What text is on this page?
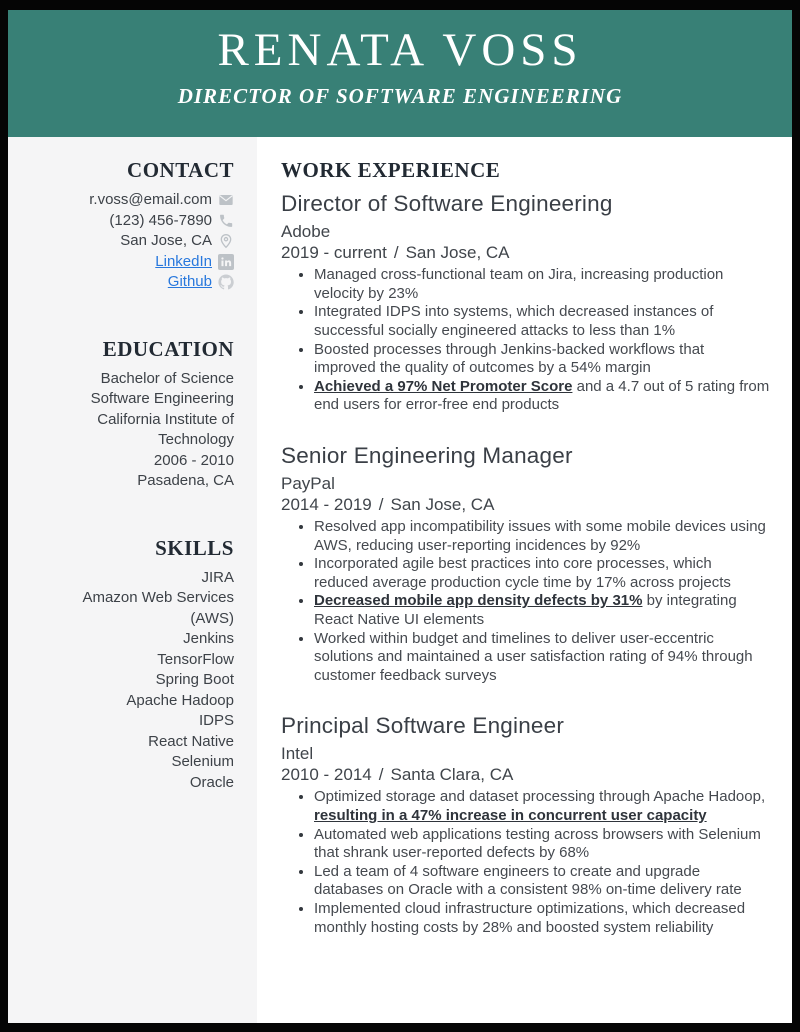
RENATA VOSS
DIRECTOR OF SOFTWARE ENGINEERING
CONTACT
r.voss@email.com
(123) 456-7890
San Jose, CA
LinkedIn
Github
EDUCATION
Bachelor of Science
Software Engineering
California Institute of Technology
2006 - 2010
Pasadena, CA
SKILLS
JIRA
Amazon Web Services (AWS)
Jenkins
TensorFlow
Spring Boot
Apache Hadoop
IDPS
React Native
Selenium
Oracle
WORK EXPERIENCE
Director of Software Engineering
Adobe
2019 - current / San Jose, CA
• Managed cross-functional team on Jira, increasing production velocity by 23%
• Integrated IDPS into systems, which decreased instances of successful socially engineered attacks to less than 1%
• Boosted processes through Jenkins-backed workflows that improved the quality of outcomes by a 54% margin
• Achieved a 97% Net Promoter Score and a 4.7 out of 5 rating from end users for error-free end products
Senior Engineering Manager
PayPal
2014 - 2019 / San Jose, CA
• Resolved app incompatibility issues with some mobile devices using AWS, reducing user-reporting incidences by 92%
• Incorporated agile best practices into core processes, which reduced average production cycle time by 17% across projects
• Decreased mobile app density defects by 31% by integrating React Native UI elements
• Worked within budget and timelines to deliver user-eccentric solutions and maintained a user satisfaction rating of 94% through customer feedback surveys
Principal Software Engineer
Intel
2010 - 2014 / Santa Clara, CA
• Optimized storage and dataset processing through Apache Hadoop, resulting in a 47% increase in concurrent user capacity
• Automated web applications testing across browsers with Selenium that shrank user-reported defects by 68%
• Led a team of 4 software engineers to create and upgrade databases on Oracle with a consistent 98% on-time delivery rate
• Implemented cloud infrastructure optimizations, which decreased monthly hosting costs by 28% and boosted system reliability
